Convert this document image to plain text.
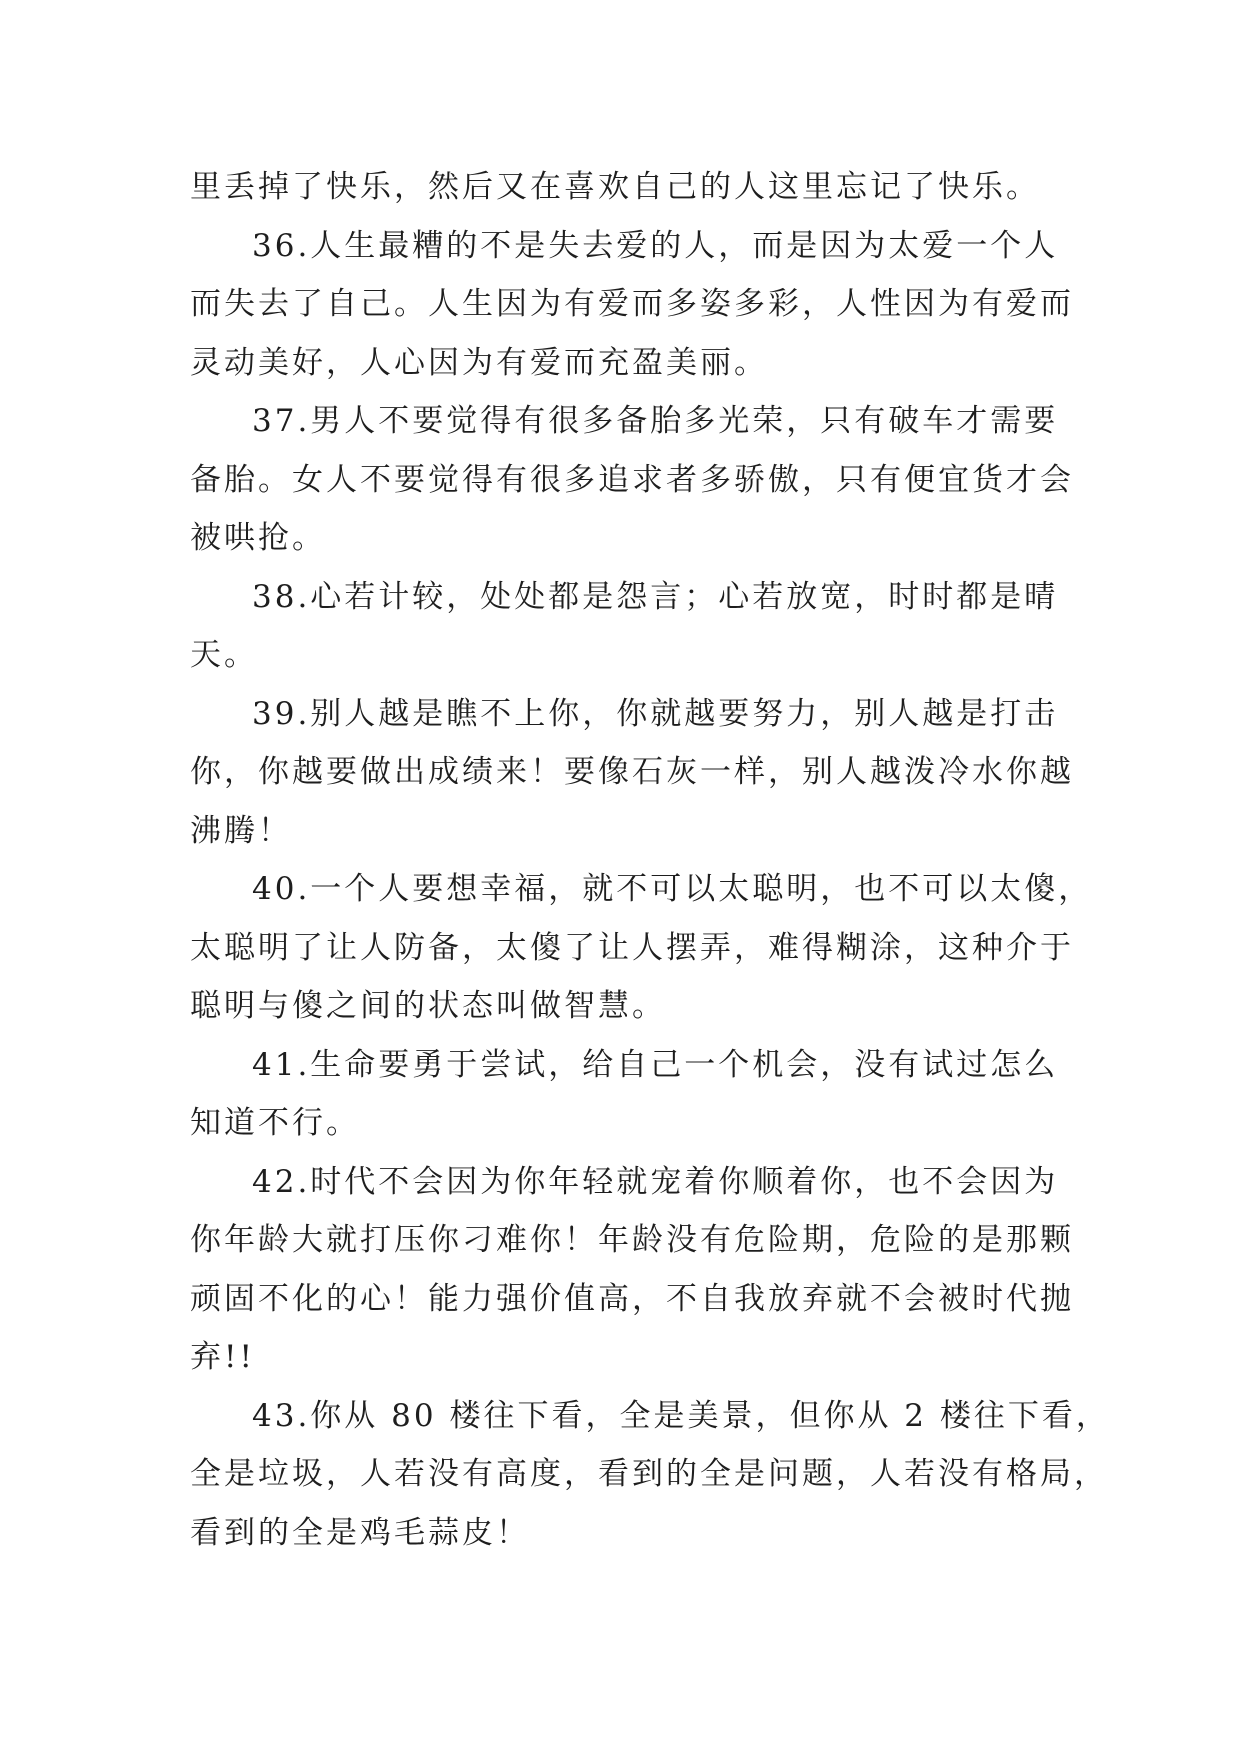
里丢掉了快乐，然后又在喜欢自己的人这里忘记了快乐。
36.人生最糟的不是失去爱的人，而是因为太爱一个人
而失去了自己。人生因为有爱而多姿多彩，人性因为有爱而
灵动美好，人心因为有爱而充盈美丽。
37.男人不要觉得有很多备胎多光荣，只有破车才需要
备胎。女人不要觉得有很多追求者多骄傲，只有便宜货才会
被哄抢。
38.心若计较，处处都是怨言；心若放宽，时时都是晴
天。
39.别人越是瞧不上你，你就越要努力，别人越是打击
你，你越要做出成绩来！要像石灰一样，别人越泼冷水你越
沸腾！
40.一个人要想幸福，就不可以太聪明，也不可以太傻，
太聪明了让人防备，太傻了让人摆弄，难得糊涂，这种介于
聪明与傻之间的状态叫做智慧。
41.生命要勇于尝试，给自己一个机会，没有试过怎么
知道不行。
42.时代不会因为你年轻就宠着你顺着你，也不会因为
你年龄大就打压你刁难你！年龄没有危险期，危险的是那颗
顽固不化的心！能力强价值高，不自我放弃就不会被时代抛
弃!!
43.你从 80 楼往下看，全是美景，但你从 2 楼往下看，
全是垃圾，人若没有高度，看到的全是问题，人若没有格局，
看到的全是鸡毛蒜皮！
